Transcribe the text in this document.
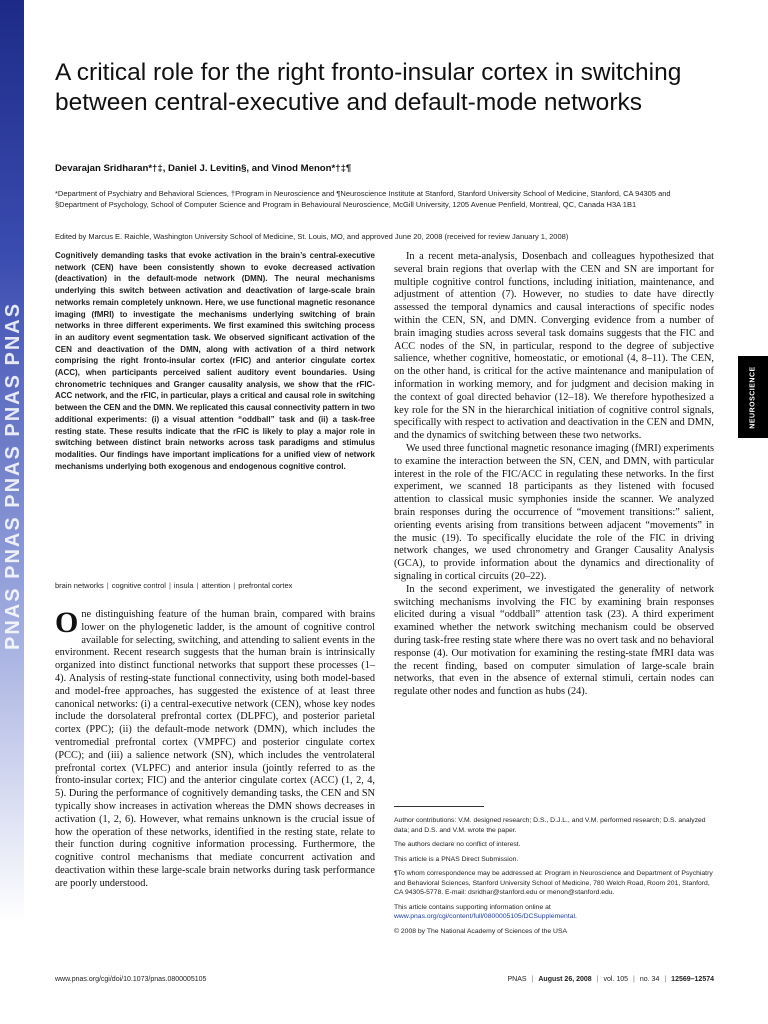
PNAS PNAS PNAS PNAS PNAS	NEUROSCIENCE
A critical role for the right fronto-insular cortex in switching between central-executive and default-mode networks
Devarajan Sridharan*†‡, Daniel J. Levitin§, and Vinod Menon*†‡¶
*Department of Psychiatry and Behavioral Sciences, †Program in Neuroscience and ¶Neuroscience Institute at Stanford, Stanford University School of Medicine, Stanford, CA 94305 and §Department of Psychology, School of Computer Science and Program in Behavioural Neuroscience, McGill University, 1205 Avenue Penfield, Montreal, QC, Canada H3A 1B1
Edited by Marcus E. Raichle, Washington University School of Medicine, St. Louis, MO, and approved June 20, 2008 (received for review January 1, 2008)

Cognitively demanding tasks that evoke activation in the brain’s central-executive network (CEN) have been consistently shown to evoke decreased activation (deactivation) in the default-mode network (DMN). The neural mechanisms underlying this switch between activation and deactivation of large-scale brain networks remain completely unknown. Here, we use functional magnetic resonance imaging (fMRI) to investigate the mechanisms underlying switching of brain networks in three different experiments. We first examined this switching process in an auditory event segmentation task. We observed significant activation of the CEN and deactivation of the DMN, along with activation of a third network comprising the right fronto-insular cortex (rFIC) and anterior cingulate cortex (ACC), when participants perceived salient auditory event boundaries. Using chronometric techniques and Granger causality analysis, we show that the rFIC-ACC network, and the rFIC, in particular, plays a critical and causal role in switching between the CEN and the DMN. We replicated this causal connectivity pattern in two additional experiments: (i) a visual attention “oddball” task and (ii) a task-free resting state. These results indicate that the rFIC is likely to play a major role in switching between distinct brain networks across task paradigms and stimulus modalities. Our findings have important implications for a unified view of network mechanisms underlying both exogenous and endogenous cognitive control.

brain networks | cognitive control | insula | attention | prefrontal cortex

One distinguishing feature of the human brain, compared with brains lower on the phylogenetic ladder, is the amount of cognitive control available for selecting, switching, and attending to salient events in the environment. Recent research suggests that the human brain is intrinsically organized into distinct functional networks that support these processes (1–4). Analysis of resting-state functional connectivity, using both model-based and model-free approaches, has suggested the existence of at least three canonical networks: (i) a central-executive network (CEN), whose key nodes include the dorsolateral prefrontal cortex (DLPFC), and posterior parietal cortex (PPC); (ii) the default-mode network (DMN), which includes the ventromedial prefrontal cortex (VMPFC) and posterior cingulate cortex (PCC); and (iii) a salience network (SN), which includes the ventrolateral prefrontal cortex (VLPFC) and anterior insula (jointly referred to as the fronto-insular cortex; FIC) and the anterior cingulate cortex (ACC) (1, 2, 4, 5). During the performance of cognitively demanding tasks, the CEN and SN typically show increases in activation whereas the DMN shows decreases in activation (1, 2, 6). However, what remains unknown is the crucial issue of how the operation of these networks, identified in the resting state, relate to their function during cognitive information processing. Furthermore, the cognitive control mechanisms that mediate concurrent activation and deactivation within these large-scale brain networks during task performance are poorly understood.

In a recent meta-analysis, Dosenbach and colleagues hypothesized that several brain regions that overlap with the CEN and SN are important for multiple cognitive control functions, including initiation, maintenance, and adjustment of attention (7). However, no studies to date have directly assessed the temporal dynamics and causal interactions of specific nodes within the CEN, SN, and DMN. Converging evidence from a number of brain imaging studies across several task domains suggests that the FIC and ACC nodes of the SN, in particular, respond to the degree of subjective salience, whether cognitive, homeostatic, or emotional (4, 8–11). The CEN, on the other hand, is critical for the active maintenance and manipulation of information in working memory, and for judgment and decision making in the context of goal directed behavior (12–18). We therefore hypothesized a key role for the SN in the hierarchical initiation of cognitive control signals, specifically with respect to activation and deactivation in the CEN and DMN, and the dynamics of switching between these two networks.

We used three functional magnetic resonance imaging (fMRI) experiments to examine the interaction between the SN, CEN, and DMN, with particular interest in the role of the FIC/ACC in regulating these networks. In the first experiment, we scanned 18 participants as they listened with focused attention to classical music symphonies inside the scanner. We analyzed brain responses during the occurrence of “movement transitions:” salient, orienting events arising from transitions between adjacent “movements” in the music (19). To specifically elucidate the role of the FIC in driving network changes, we used chronometry and Granger Causality Analysis (GCA), to provide information about the dynamics and directionality of signaling in cortical circuits (20–22).

In the second experiment, we investigated the generality of network switching mechanisms involving the FIC by examining brain responses elicited during a visual “oddball” attention task (23). A third experiment examined whether the network switching mechanism could be observed during task-free resting state where there was no overt task and no behavioral response (4). Our motivation for examining the resting-state fMRI data was the recent finding, based on computer simulation of large-scale brain networks, that even in the absence of external stimuli, certain nodes can regulate other nodes and function as hubs (24).

Author contributions: V.M. designed research; D.S., D.J.L., and V.M. performed research; D.S. analyzed data; and D.S. and V.M. wrote the paper.

The authors declare no conflict of interest.

This article is a PNAS Direct Submission.

¶To whom correspondence may be addressed at: Program in Neuroscience and Department of Psychiatry and Behavioral Sciences, Stanford University School of Medicine, 780 Welch Road, Room 201, Stanford, CA 94305-5778. E-mail: dsridhar@stanford.edu or menon@stanford.edu.

This article contains supporting information online at www.pnas.org/cgi/content/full/0800005105/DCSupplemental.

© 2008 by The National Academy of Sciences of the USA

www.pnas.org/cgi/doi/10.1073/pnas.0800005105	PNAS | August 26, 2008 | vol. 105 | no. 34 | 12569–12574
